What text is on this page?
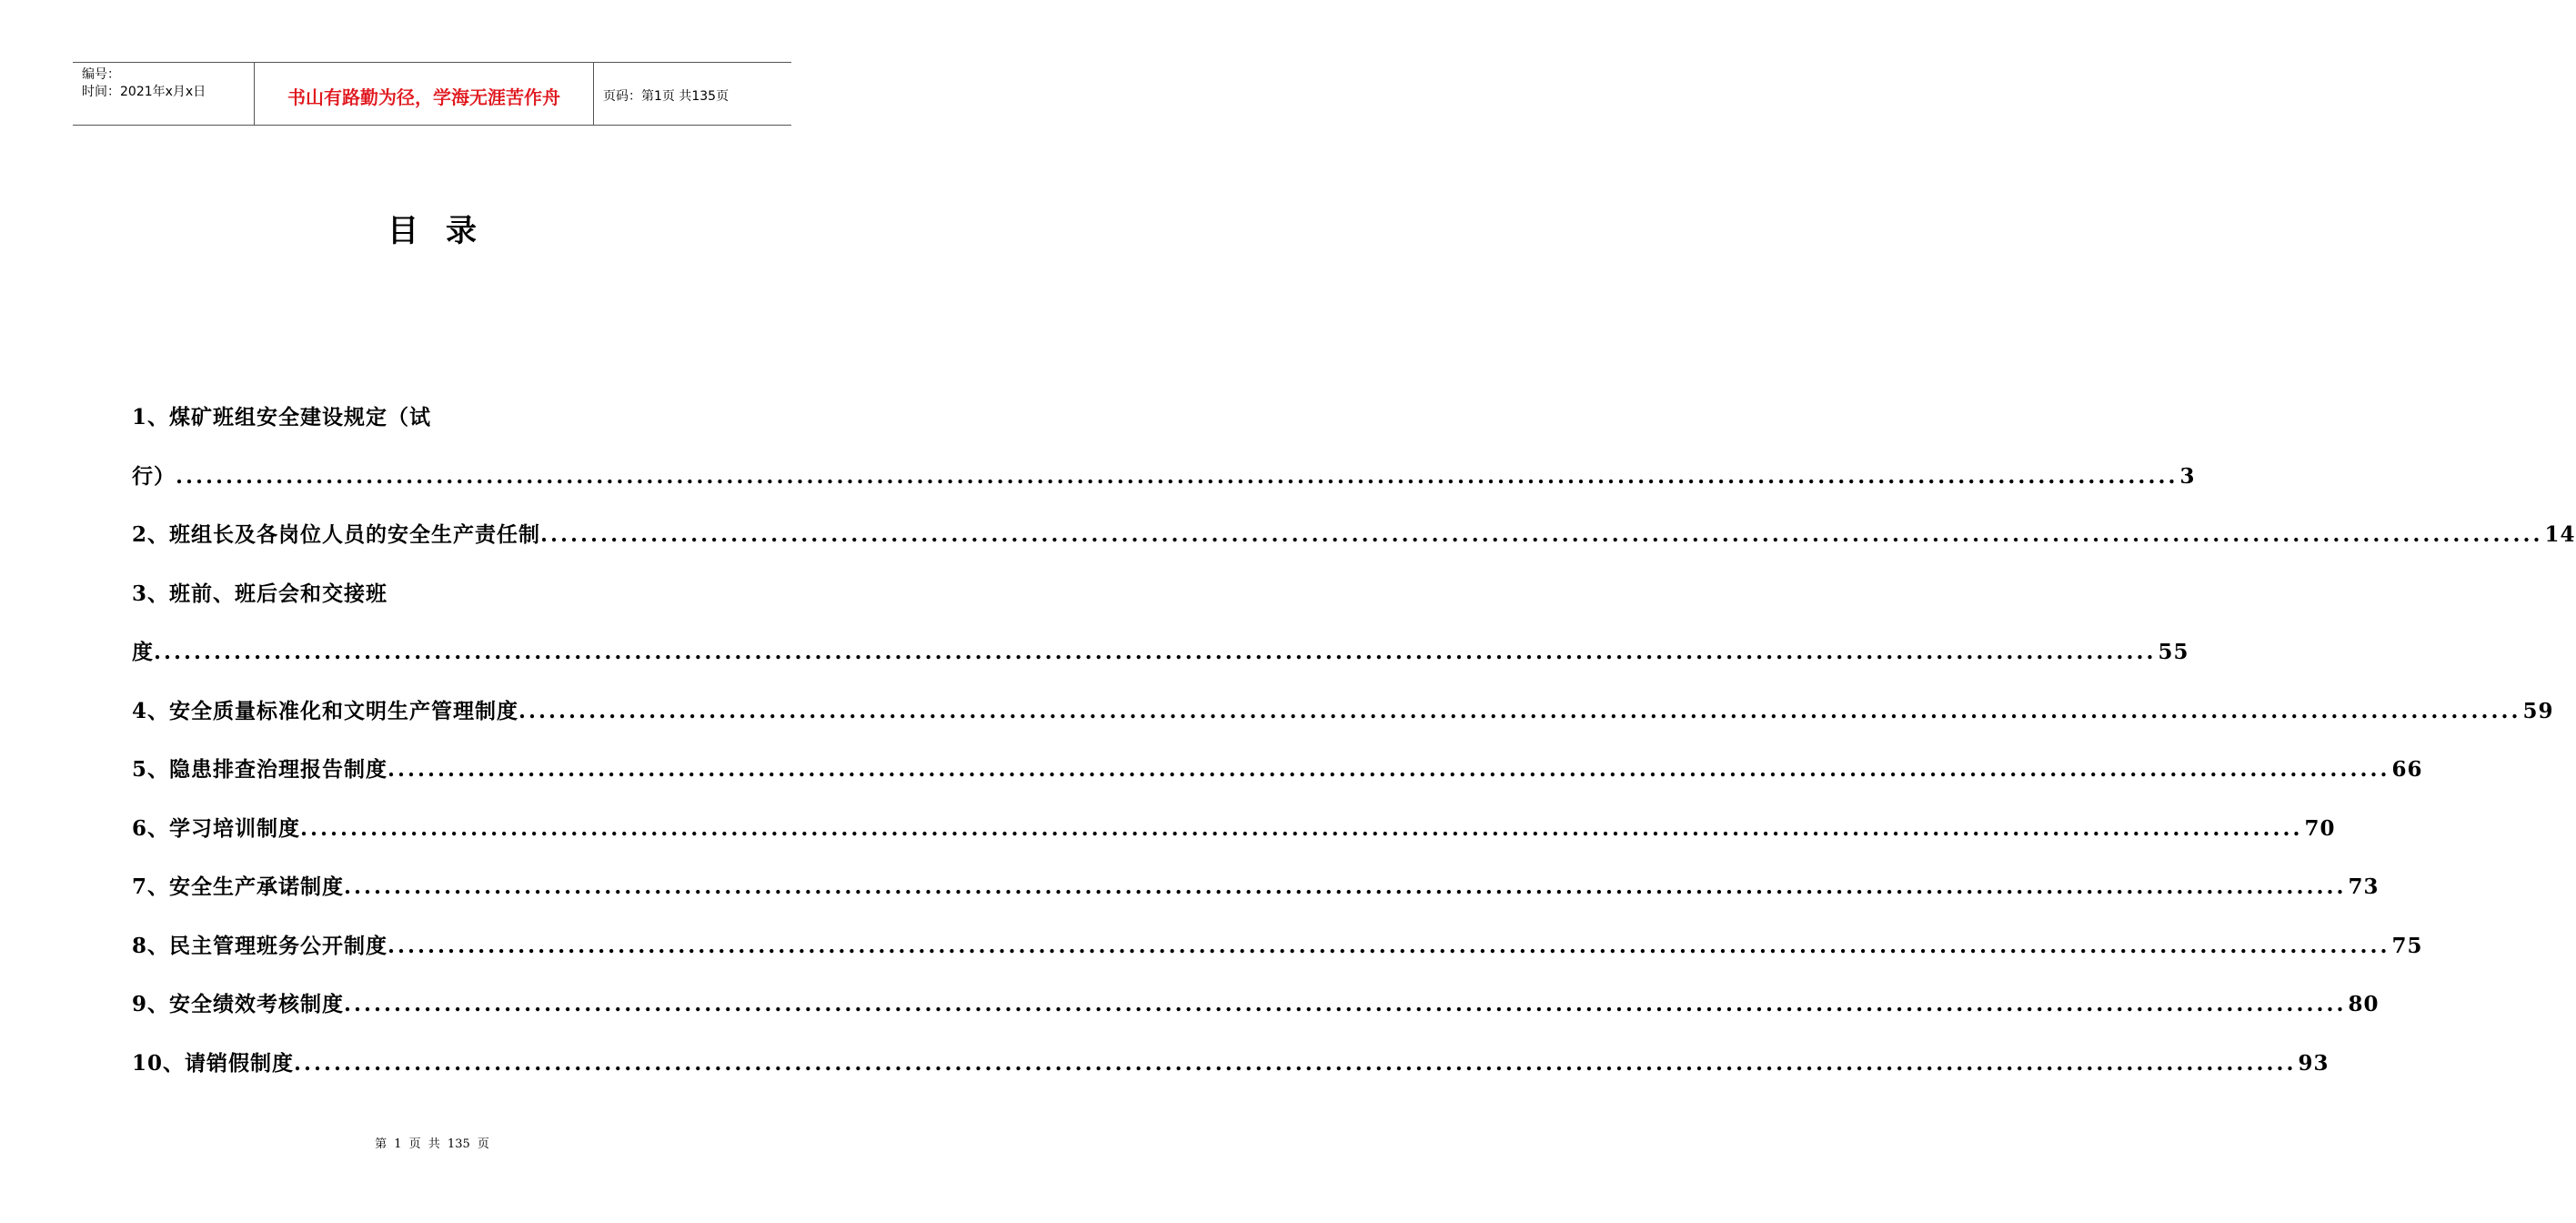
编号：
时间：2021年x月x日	书山有路勤为径，学海无涯苦作舟	页码：第1页 共135页
目录
1、煤矿班组安全建设规定（试
行） ........................................................................................................................................................................................................ 3
2、班组长及各岗位人员的安全生产责任制 ........................................................................................................................................................................................................ 14
3、班前、班后会和交接班
度 ........................................................................................................................................................................................................ 55
4、安全质量标准化和文明生产管理制度 ........................................................................................................................................................................................................ 59
5、隐患排查治理报告制度 ........................................................................................................................................................................................................ 66
6、学习培训制度 ........................................................................................................................................................................................................ 70
7、安全生产承诺制度 ........................................................................................................................................................................................................ 73
8、民主管理班务公开制度 ........................................................................................................................................................................................................ 75
9、安全绩效考核制度 ........................................................................................................................................................................................................ 80
10、请销假制度 ........................................................................................................................................................................................................ 93
第 1 页 共 135 页
